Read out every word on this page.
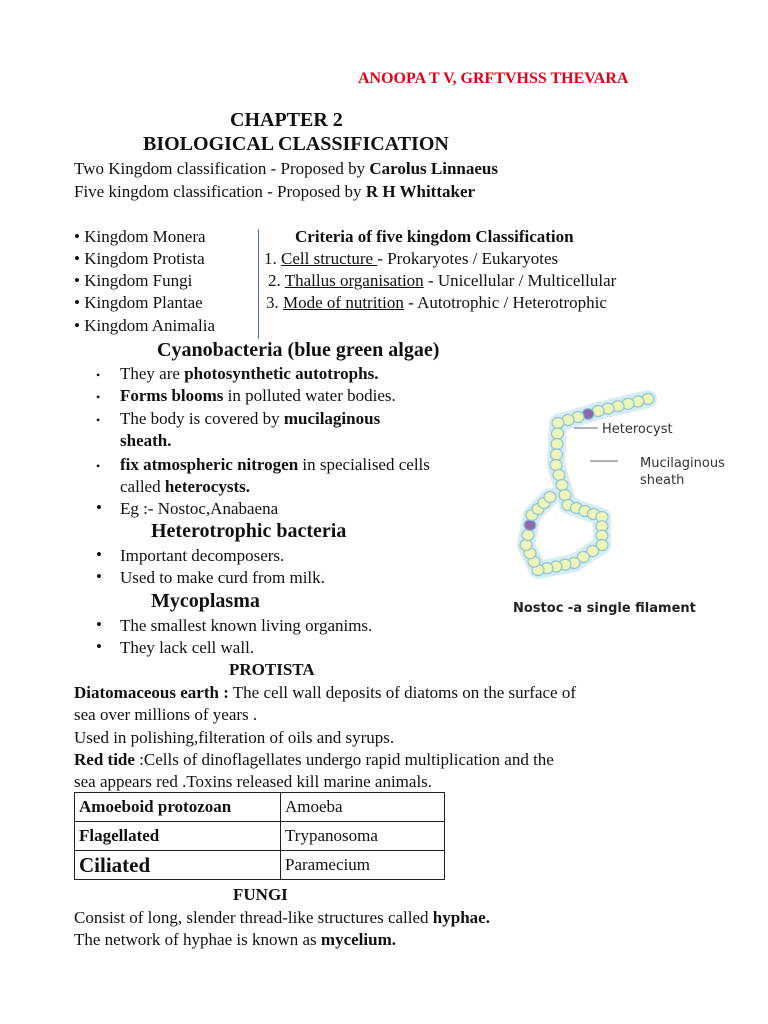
ANOOPA T V, GRFTVHSS THEVARA
CHAPTER 2
BIOLOGICAL CLASSIFICATION
Two Kingdom classification - Proposed by Carolus Linnaeus
Five kingdom classification - Proposed by R H Whittaker
• Kingdom Monera
• Kingdom Protista
• Kingdom Fungi
• Kingdom Plantae
• Kingdom Animalia
Criteria of five kingdom Classification
1. Cell structure - Prokaryotes / Eukaryotes
2. Thallus organisation - Unicellular / Multicellular
3. Mode of nutrition - Autotrophic / Heterotrophic
Cyanobacteria (blue green algae)
• They are photosynthetic autotrophs.
• Forms blooms in polluted water bodies.
• The body is covered by mucilaginous
sheath.
• fix atmospheric nitrogen in specialised cells
called heterocysts.
• Eg :- Nostoc,Anabaena
Heterotrophic bacteria
• Important decomposers.
• Used to make curd from milk.
Mycoplasma
• The smallest known living organims.
• They lack cell wall.
Heterocyst
Mucilaginous
sheath
Nostoc -a single filament
PROTISTA
Diatomaceous earth : The cell wall deposits of diatoms on the surface of
sea over millions of years .
Used in polishing,filteration of oils and syrups.
Red tide :Cells of dinoflagellates undergo rapid multiplication and the
sea appears red .Toxins released kill marine animals.
Amoeboid protozoan	Amoeba
Flagellated	Trypanosoma
Ciliated	Paramecium
FUNGI
Consist of long, slender thread-like structures called hyphae.
The network of hyphae is known as mycelium.
